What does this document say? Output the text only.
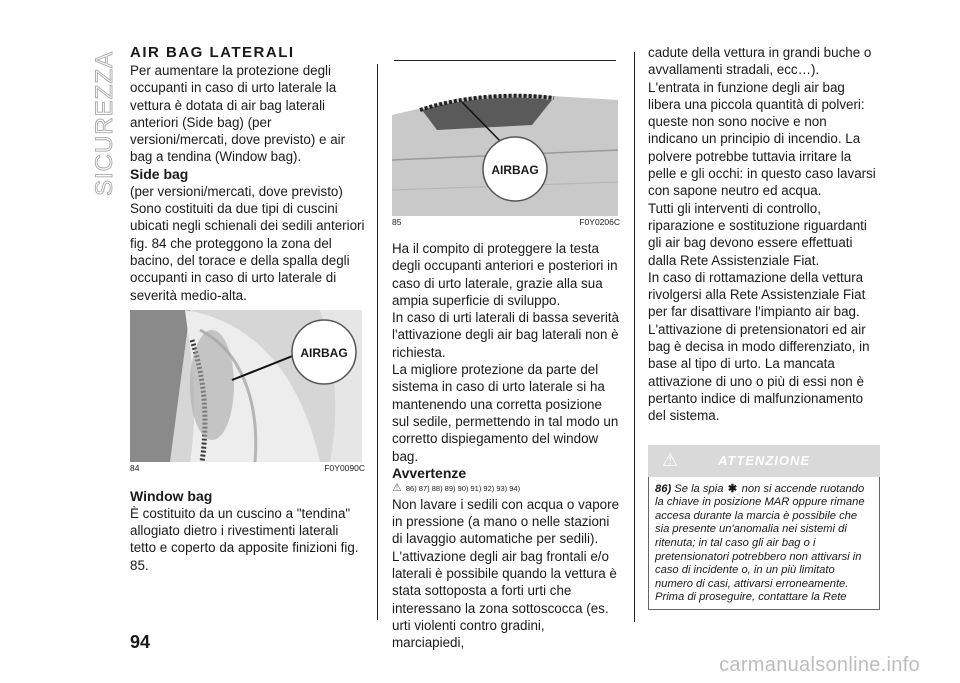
SICUREZZA AIR BAG LATERALI

Per aumentare la protezione degli occupanti in caso di urto laterale la vettura è dotata di air bag laterali anteriori (Side bag) (per versioni/mercati, dove previsto) e air bag a tendina (Window bag).

Side bag

(per versioni/mercati, dove previsto) Sono costituiti da due tipi di cuscini ubicati negli schienali dei sedili anteriori fig. 84 che proteggono la zona del bacino, del torace e della spalla degli occupanti in caso di urto laterale di severità medio-alta.

AIRBAG
84	F0Y0090C
Window bag

È costituito da un cuscino a "tendina" allogiato dietro i rivestimenti laterali tetto e coperto da apposite finizioni fig. 85.

AIRBAG
85	F0Y0206C

Ha il compito di proteggere la testa degli occupanti anteriori e posteriori in caso di urto laterale, grazie alla sua ampia superficie di sviluppo.

In caso di urti laterali di bassa severità l'attivazione degli air bag laterali non è richiesta.

La migliore protezione da parte del sistema in caso di urto laterale si ha mantenendo una corretta posizione sul sedile, permettendo in tal modo un corretto dispiegamento del window bag.

Avvertenze
⚠ 86) 87) 88) 89) 90) 91) 92) 93) 94)

Non lavare i sedili con acqua o vapore in pressione (a mano o nelle stazioni di lavaggio automatiche per sedili).

L'attivazione degli air bag frontali e/o laterali è possibile quando la vettura è stata sottoposta a forti urti che interessano la zona sottoscocca (es. urti violenti contro gradini, marciapiedi,

cadute della vettura in grandi buche o avvallamenti stradali, ecc…).

L'entrata in funzione degli air bag libera una piccola quantità di polveri: queste non sono nocive e non indicano un principio di incendio. La polvere potrebbe tuttavia irritare la pelle e gli occhi: in questo caso lavarsi con sapone neutro ed acqua.

Tutti gli interventi di controllo, riparazione e sostituzione riguardanti gli air bag devono essere effettuati dalla Rete Assistenziale Fiat.

In caso di rottamazione della vettura rivolgersi alla Rete Assistenziale Fiat per far disattivare l'impianto air bag.

L'attivazione di pretensionatori ed air bag è decisa in modo differenziato, in base al tipo di urto. La mancata attivazione di uno o più di essi non è pertanto indice di malfunzionamento del sistema.

⚠	ATTENZIONE
86) Se la spia ✱ non si accende ruotando la chiave in posizione MAR oppure rimane accesa durante la marcia è possibile che sia presente un'anomalia nei sistemi di ritenuta; in tal caso gli air bag o i pretensionatori potrebbero non attivarsi in caso di incidente o, in un più limitato numero di casi, attivarsi erroneamente. Prima di proseguire, contattare la Rete
94
carmanualsonline.info
